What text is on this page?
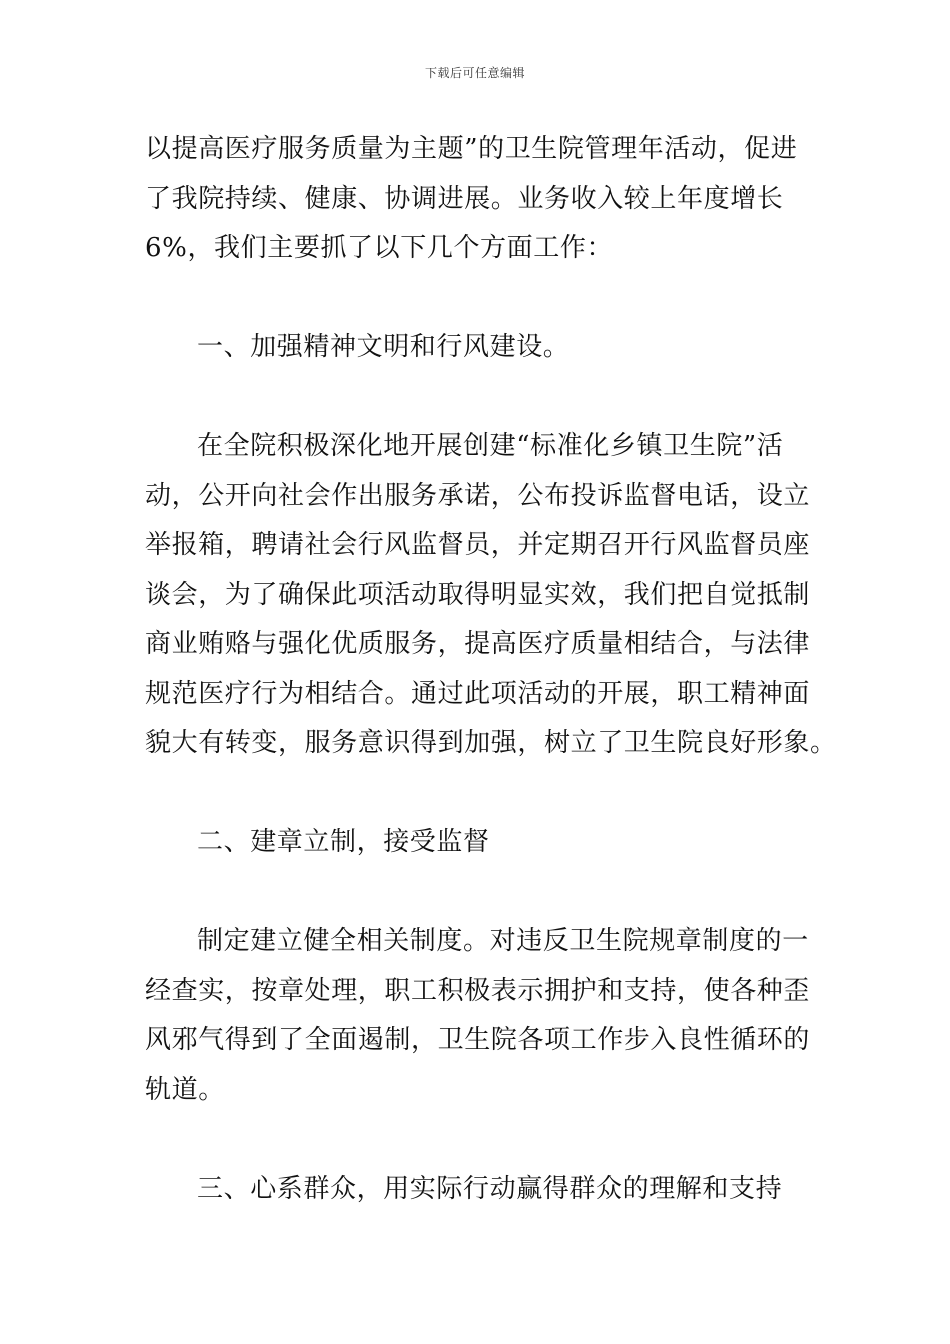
下载后可任意编辑
以提高医疗服务质量为主题”的卫生院管理年活动，促进
了我院持续、健康、协调进展。业务收入较上年度增长
6%，我们主要抓了以下几个方面工作：
一、加强精神文明和行风建设。
在全院积极深化地开展创建“标准化乡镇卫生院”活
动，公开向社会作出服务承诺，公布投诉监督电话，设立
举报箱，聘请社会行风监督员，并定期召开行风监督员座
谈会，为了确保此项活动取得明显实效，我们把自觉抵制
商业贿赂与强化优质服务，提高医疗质量相结合，与法律
规范医疗行为相结合。通过此项活动的开展，职工精神面
貌大有转变，服务意识得到加强，树立了卫生院良好形象。
二、建章立制，接受监督
制定建立健全相关制度。对违反卫生院规章制度的一
经查实，按章处理，职工积极表示拥护和支持，使各种歪
风邪气得到了全面遏制，卫生院各项工作步入良性循环的
轨道。
三、心系群众，用实际行动赢得群众的理解和支持
